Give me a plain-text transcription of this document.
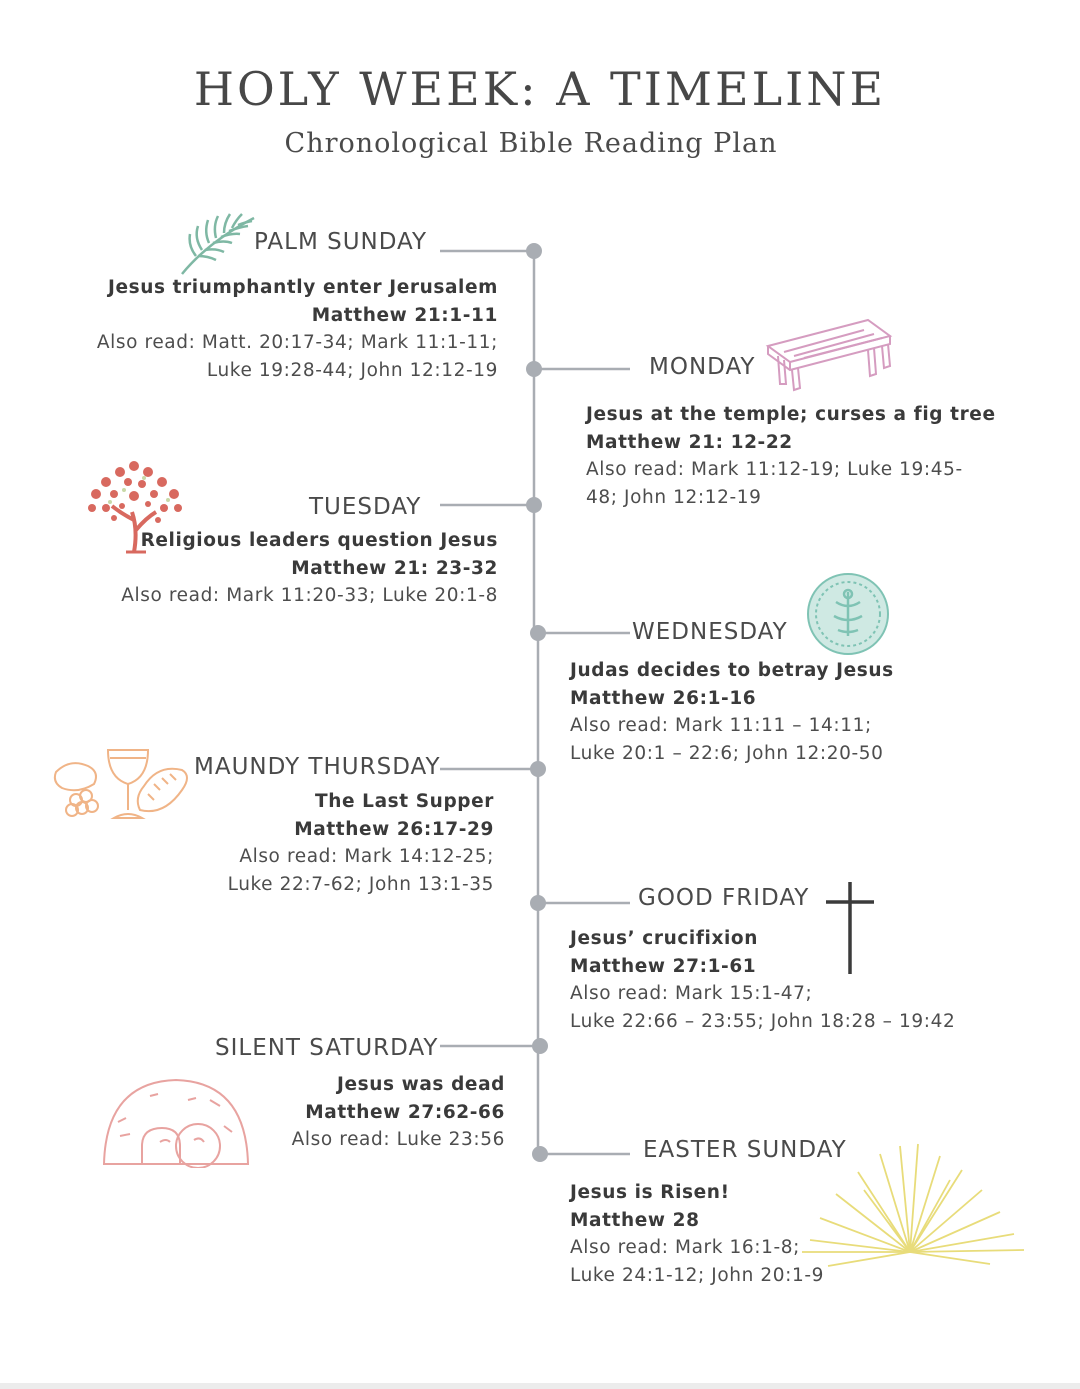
HOLY WEEK: A TIMELINE
Chronological Bible Reading Plan
PALM SUNDAY
Jesus triumphantly enter Jerusalem
Matthew 21:1-11
Also read: Matt. 20:17-34; Mark 11:1-11;
Luke 19:28-44; John 12:12-19	MONDAY
Jesus at the temple; curses a fig tree
Matthew 21: 12-22
Also read: Mark 11:12-19; Luke 19:45-
48; John 12:12-19
TUESDAY
Religious leaders question Jesus
Matthew 21: 23-32
Also read: Mark 11:20-33; Luke 20:1-8
WEDNESDAY
Judas decides to betray Jesus
Matthew 26:1-16
Also read: Mark 11:11 – 14:11;
Luke 20:1 – 22:6; John 12:20-50
MAUNDY THURSDAY
The Last Supper
Matthew 26:17-29
Also read: Mark 14:12-25;
Luke 22:7-62; John 13:1-35
GOOD FRIDAY
Jesus’ crucifixion
Matthew 27:1-61
Also read: Mark 15:1-47;
Luke 22:66 – 23:55; John 18:28 – 19:42
SILENT SATURDAY
Jesus was dead
Matthew 27:62-66
Also read: Luke 23:56	EASTER SUNDAY
Jesus is Risen!
Matthew 28
Also read: Mark 16:1-8;
Luke 24:1-12; John 20:1-9
